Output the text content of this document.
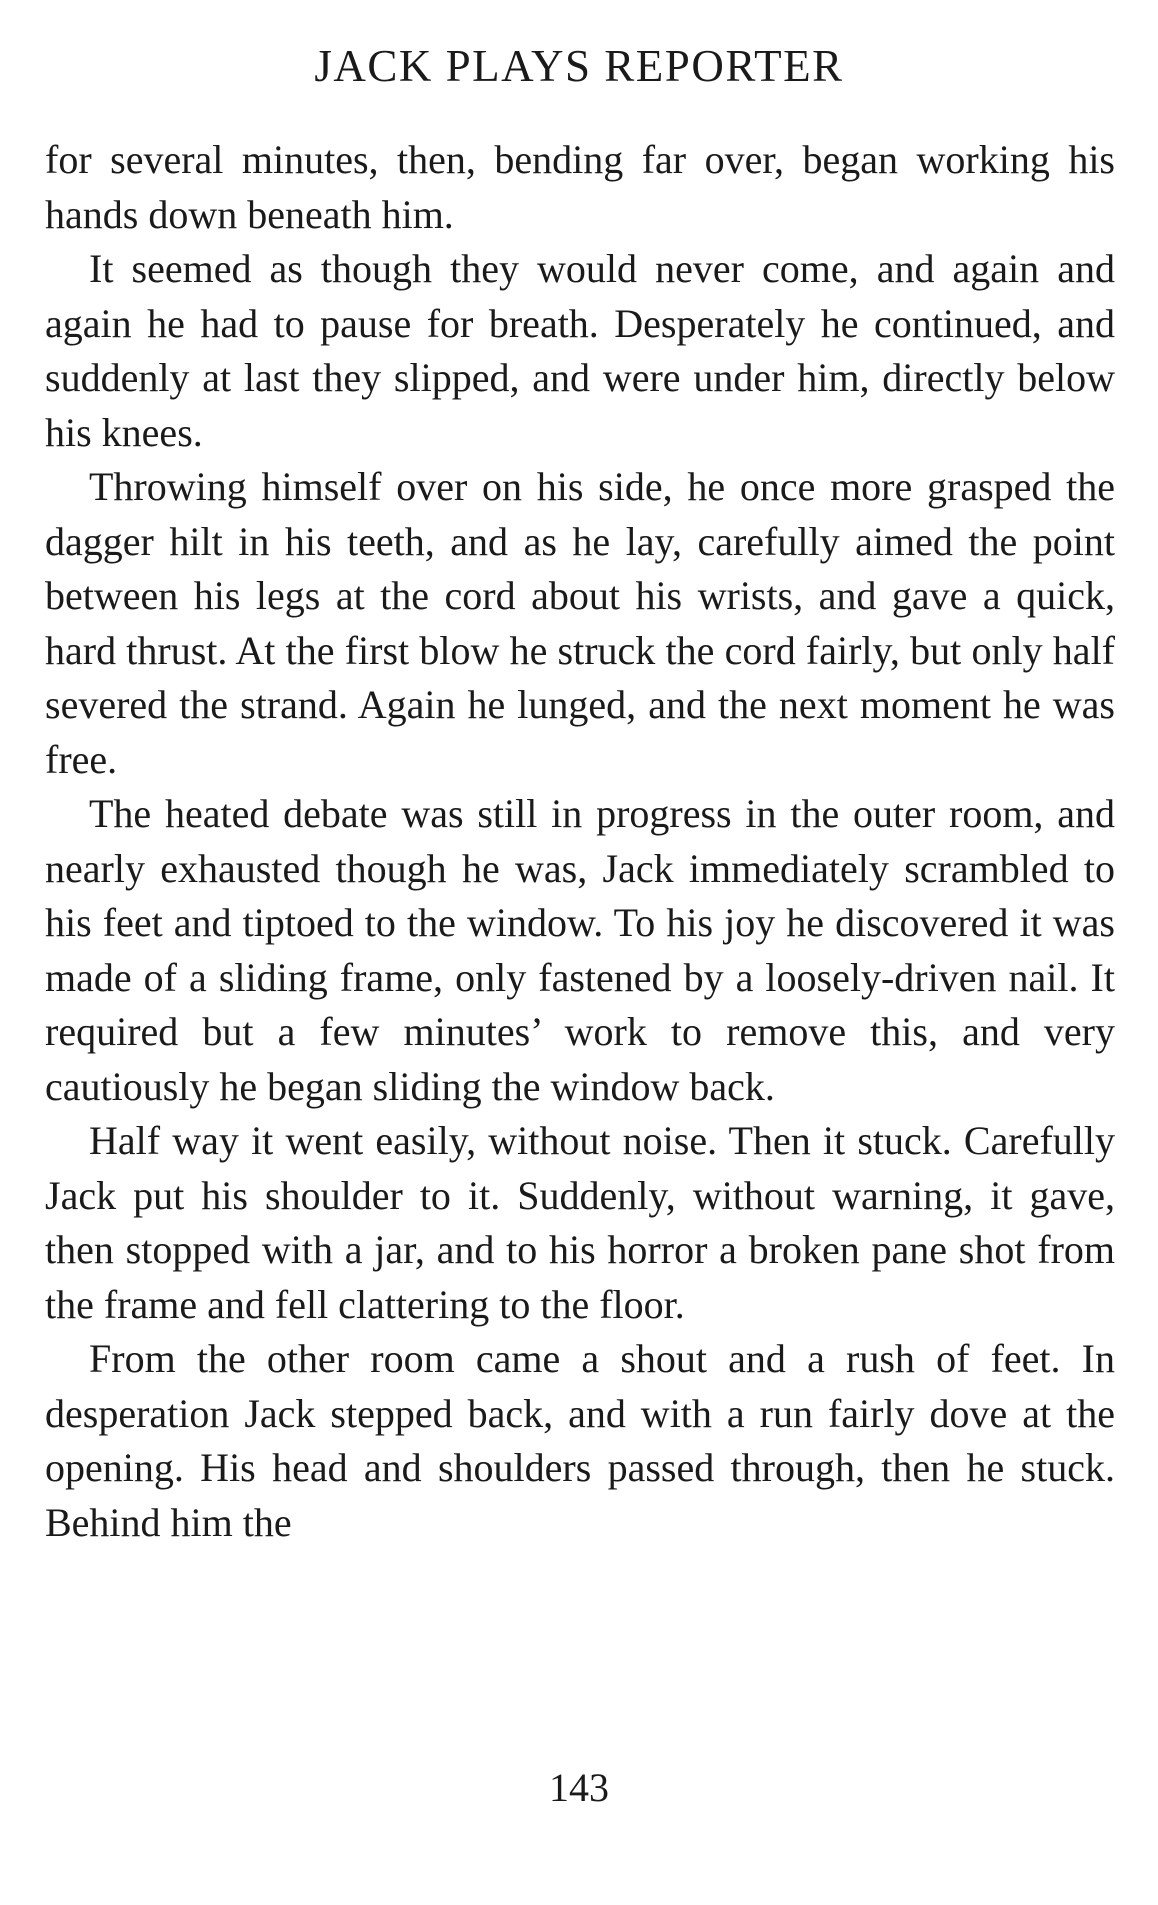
JACK PLAYS REPORTER

for several minutes, then, bending far over, began working his hands down beneath him.

It seemed as though they would never come, and again and again he had to pause for breath. Desperately he continued, and suddenly at last they slipped, and were under him, directly below his knees.

Throwing himself over on his side, he once more grasped the dagger hilt in his teeth, and as he lay, carefully aimed the point between his legs at the cord about his wrists, and gave a quick, hard thrust. At the first blow he struck the cord fairly, but only half severed the strand. Again he lunged, and the next moment he was free.

The heated debate was still in progress in the outer room, and nearly exhausted though he was, Jack immediately scrambled to his feet and tiptoed to the window. To his joy he discovered it was made of a sliding frame, only fastened by a loosely-driven nail. It required but a few minutes’ work to remove this, and very cautiously he began sliding the window back.

Half way it went easily, without noise. Then it stuck. Carefully Jack put his shoulder to it. Suddenly, without warning, it gave, then stopped with a jar, and to his horror a broken pane shot from the frame and fell clattering to the floor.

From the other room came a shout and a rush of feet. In desperation Jack stepped back, and with a run fairly dove at the opening. His head and shoulders passed through, then he stuck. Behind him the

143
